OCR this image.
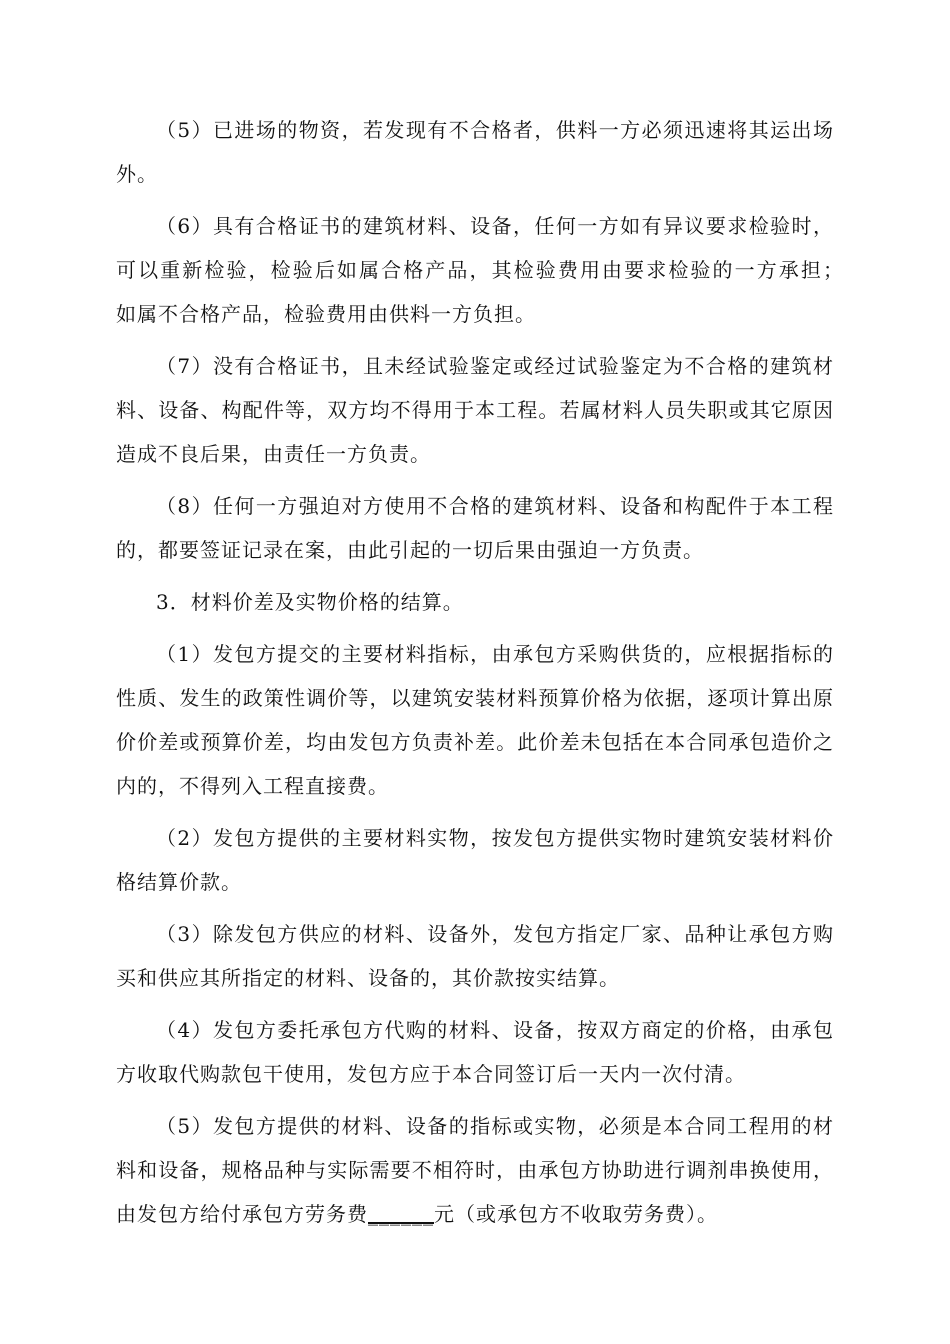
（5）已进场的物资，若发现有不合格者，供料一方必须迅速将其运出场外。

（6）具有合格证书的建筑材料、设备，任何一方如有异议要求检验时，可以重新检验，检验后如属合格产品，其检验费用由要求检验的一方承担；　如属不合格产品，检验费用由供料一方负担。

（7）没有合格证书，且未经试验鉴定或经过试验鉴定为不合格的建筑材料、设备、构配件等，双方均不得用于本工程。若属材料人员失职或其它原因造成不良后果，由责任一方负责。

（8）任何一方强迫对方使用不合格的建筑材料、设备和构配件于本工程的，都要签证记录在案，由此引起的一切后果由强迫一方负责。

3．材料价差及实物价格的结算。

（1）发包方提交的主要材料指标，由承包方采购供货的，应根据指标的性质、发生的政策性调价等，以建筑安装材料预算价格为依据，逐项计算出原价价差或预算价差，均由发包方负责补差。此价差未包括在本合同承包造价之内的，不得列入工程直接费。

（2）发包方提供的主要材料实物，按发包方提供实物时建筑安装材料价格结算价款。

（3）除发包方供应的材料、设备外，发包方指定厂家、品种让承包方购买和供应其所指定的材料、设备的，其价款按实结算。

（4）发包方委托承包方代购的材料、设备，按双方商定的价格，由承包方收取代购款包干使用，发包方应于本合同签订后一天内一次付清。

（5）发包方提供的材料、设备的指标或实物，必须是本合同工程用的材料和设备，规格品种与实际需要不相符时，由承包方协助进行调剂串换使用，由发包方给付承包方劳务费______元（或承包方不收取劳务费）。
